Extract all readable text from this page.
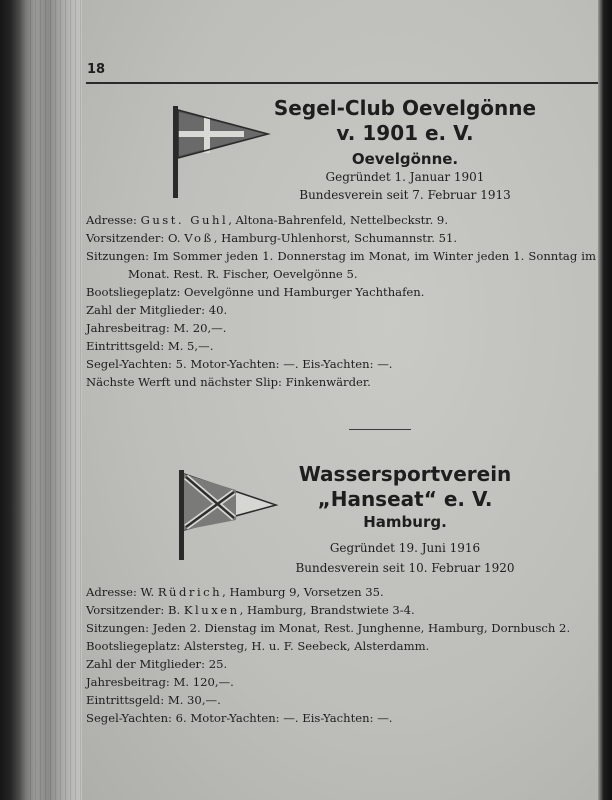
18
Segel-Club Oevelgönne
v. 1901 e. V.
Oevelgönne.
Gegründet 1. Januar 1901
Bundesverein seit 7. Februar 1913
Adresse: Gust. Guhl, Altona-Bahrenfeld, Nettelbeckstr. 9.
Vorsitzender: O. Voß, Hamburg-Uhlenhorst, Schumannstr. 51.
Sitzungen: Im Sommer jeden 1. Donnerstag im Monat, im Winter jeden 1. Sonntag im Monat. Rest. R. Fischer, Oevelgönne 5.
Bootsliegeplatz: Oevelgönne und Hamburger Yachthafen.
Zahl der Mitglieder: 40.
Jahresbeitrag: M. 20,—.
Eintrittsgeld: M. 5,—.
Segel-Yachten: 5. Motor-Yachten: —. Eis-Yachten: —.
Nächste Werft und nächster Slip: Finkenwärder.
Wassersportverein
„Hanseat“ e. V.
Hamburg.
Gegründet 19. Juni 1916
Bundesverein seit 10. Februar 1920
Adresse: W. Rüdrich, Hamburg 9, Vorsetzen 35.
Vorsitzender: B. Kluxen, Hamburg, Brandstwiete 3-4.
Sitzungen: Jeden 2. Dienstag im Monat, Rest. Junghenne, Hamburg, Dornbusch 2.
Bootsliegeplatz: Alstersteg, H. u. F. Seebeck, Alsterdamm.
Zahl der Mitglieder: 25.
Jahresbeitrag: M. 120,—.
Eintrittsgeld: M. 30,—.
Segel-Yachten: 6. Motor-Yachten: —. Eis-Yachten: —.
